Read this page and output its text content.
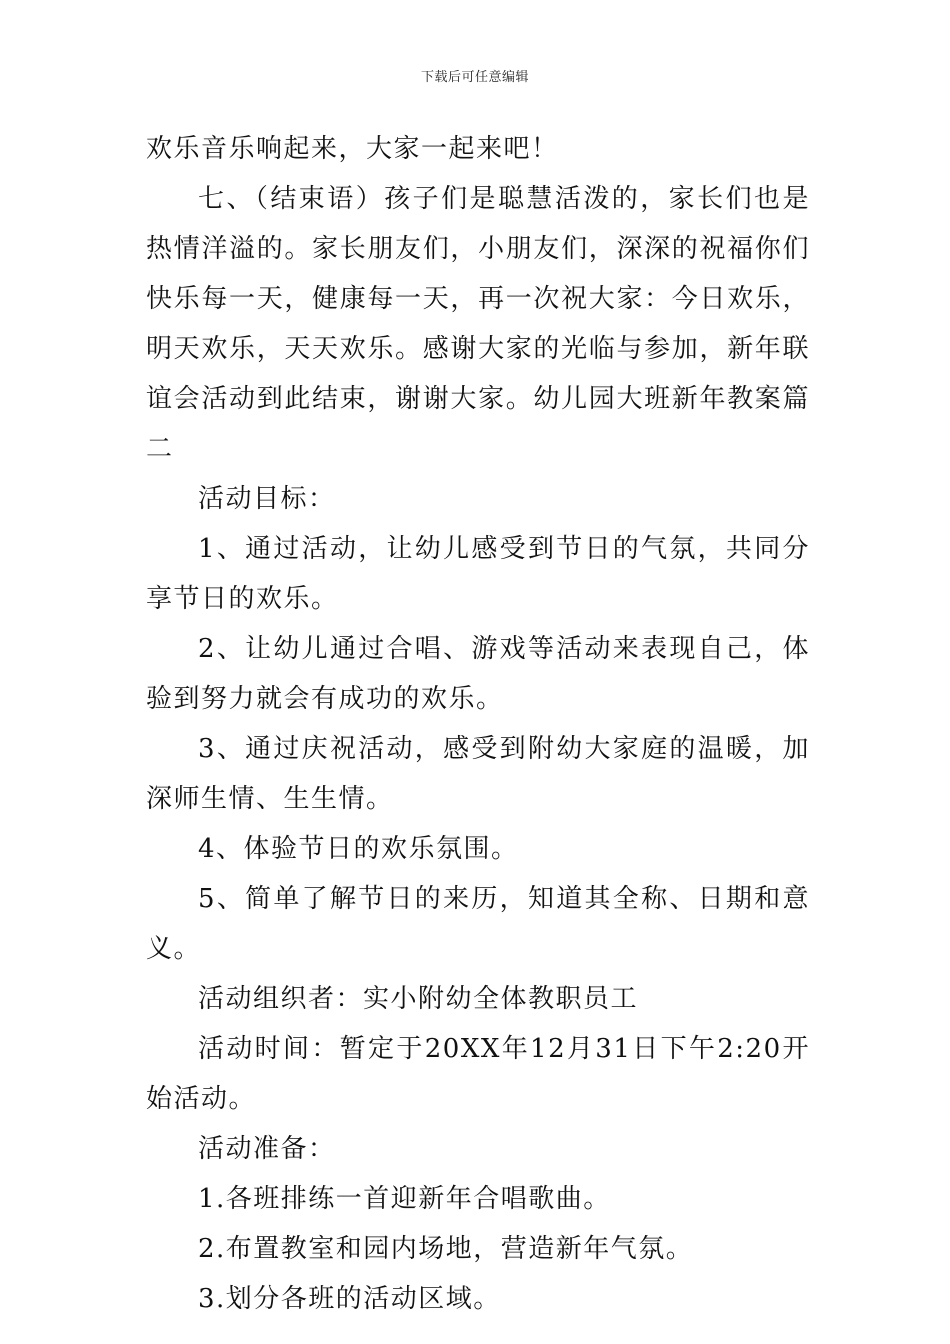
下载后可任意编辑

欢乐音乐响起来，大家一起来吧！

七、（结束语）孩子们是聪慧活泼的，家长们也是热情洋溢的。家长朋友们，小朋友们，深深的祝福你们快乐每一天，健康每一天，再一次祝大家：今日欢乐，明天欢乐，天天欢乐。感谢大家的光临与参加，新年联谊会活动到此结束，谢谢大家。幼儿园大班新年教案篇二

活动目标：

1、通过活动，让幼儿感受到节日的气氛，共同分享节日的欢乐。

2、让幼儿通过合唱、游戏等活动来表现自己，体验到努力就会有成功的欢乐。

3、通过庆祝活动，感受到附幼大家庭的温暖，加深师生情、生生情。

4、体验节日的欢乐氛围。

5、简单了解节日的来历，知道其全称、日期和意义。

活动组织者：实小附幼全体教职员工

活动时间：暂定于20XX年12月31日下午2:20开始活动。

活动准备：

1.各班排练一首迎新年合唱歌曲。

2.布置教室和园内场地，营造新年气氛。

3.划分各班的活动区域。
